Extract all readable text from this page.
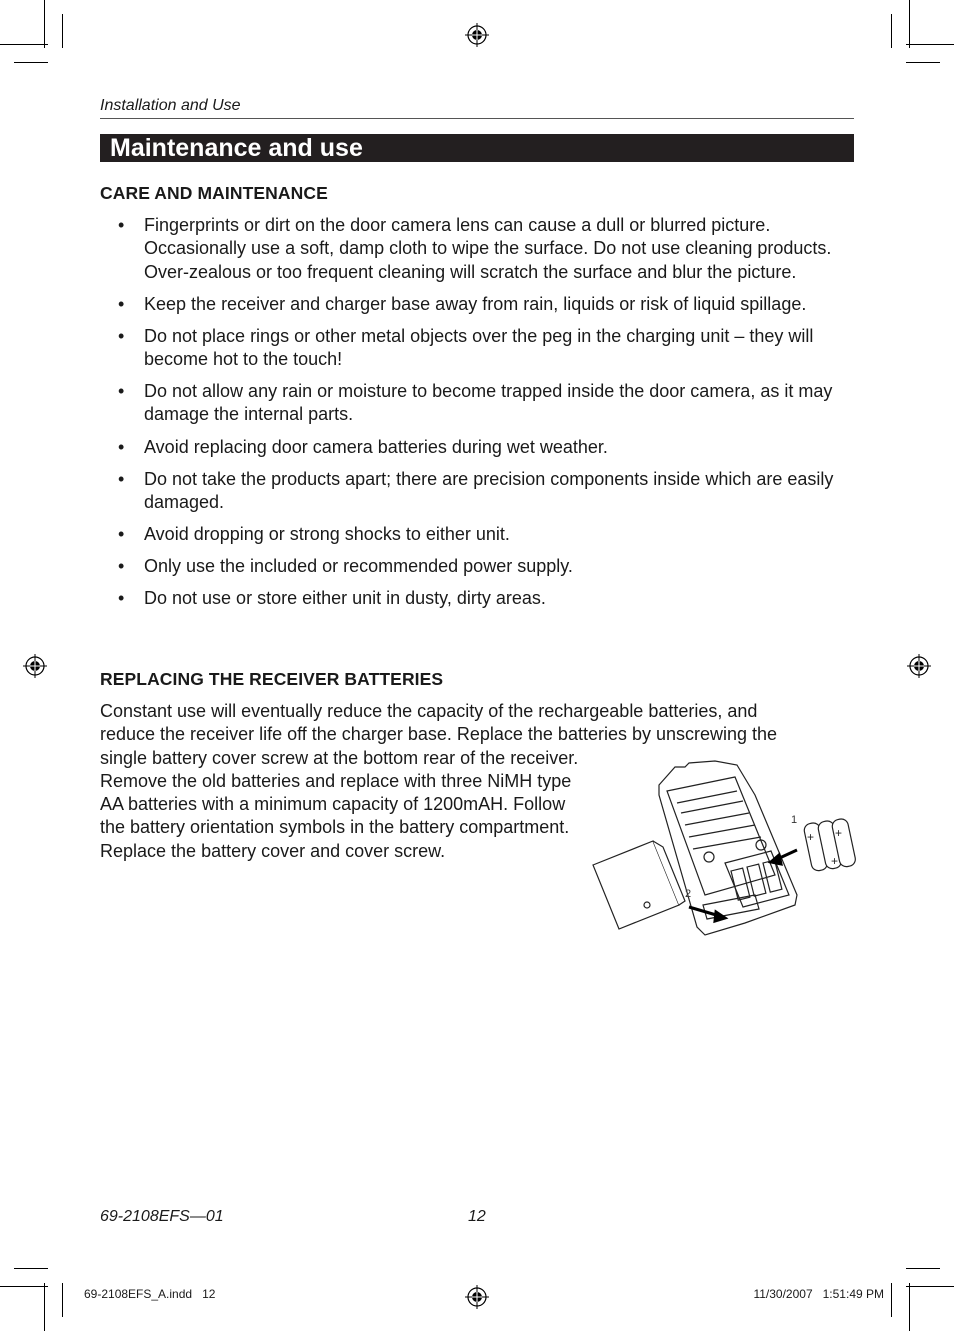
Installation and Use
Maintenance and use
CARE AND MAINTENANCE
• Fingerprints or dirt on the door camera lens can cause a dull or blurred picture. Occasionally use a soft, damp cloth to wipe the surface. Do not use cleaning products. Over-zealous or too frequent cleaning will scratch the surface and blur the picture.
• Keep the receiver and charger base away from rain, liquids or risk of liquid spillage.
• Do not place rings or other metal objects over the peg in the charging unit – they will become hot to the touch!
• Do not allow any rain or moisture to become trapped inside the door camera, as it may damage the internal parts.
• Avoid replacing door camera batteries during wet weather.
• Do not take the products apart; there are precision components inside which are easily damaged.
• Avoid dropping or strong shocks to either unit.
• Only use the included or recommended power supply.
• Do not use or store either unit in dusty, dirty areas.
REPLACING THE RECEIVER BATTERIES
Constant use will eventually reduce the capacity of the rechargeable batteries, and
reduce the receiver life off the charger base. Replace the batteries by unscrewing the
single battery cover screw at the bottom rear of the receiver.
Remove the old batteries and replace with three NiMH type
AA batteries with a minimum capacity of 1200mAH. Follow
the battery orientation symbols in the battery compartment.
Replace the battery cover and cover screw.
+ +
+
1
2
69-2108EFS—01	12
69-2108EFS_A.indd   12	11/30/2007   1:51:49 PM
